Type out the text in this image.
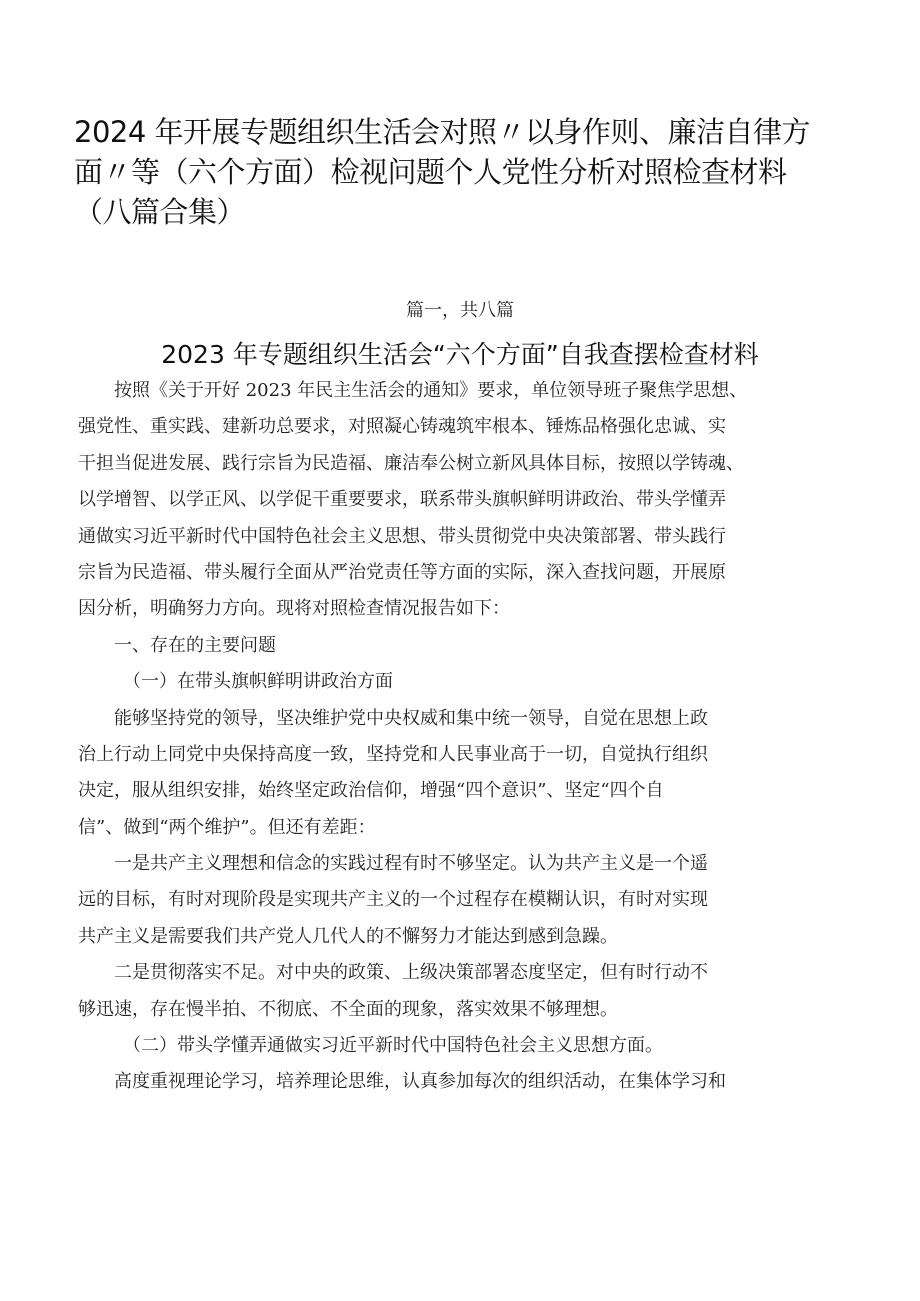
2024 年开展专题组织生活会对照〃以身作则、廉洁自律方
面〃等（六个方面）检视问题个人党性分析对照检查材料
（八篇合集）
篇一，共八篇
2023 年专题组织生活会“六个方面”自我查摆检查材料
　　按照《关于开好 2023 年民主生活会的通知》要求，单位领导班子聚焦学思想、
强党性、重实践、建新功总要求，对照凝心铸魂筑牢根本、锤炼品格强化忠诚、实
干担当促进发展、践行宗旨为民造福、廉洁奉公树立新风具体目标，按照以学铸魂、
以学增智、以学正风、以学促干重要要求，联系带头旗帜鲜明讲政治、带头学懂弄
通做实习近平新时代中国特色社会主义思想、带头贯彻党中央决策部署、带头践行
宗旨为民造福、带头履行全面从严治党责任等方面的实际，深入查找问题，开展原
因分析，明确努力方向。现将对照检查情况报告如下：
　　一、存在的主要问题
　　　（一）在带头旗帜鲜明讲政治方面
　　能够坚持党的领导，坚决维护党中央权威和集中统一领导，自觉在思想上政
治上行动上同党中央保持高度一致，坚持党和人民事业高于一切，自觉执行组织
决定，服从组织安排，始终坚定政治信仰，增强“四个意识”、坚定“四个自
信”、做到“两个维护”。但还有差距：
　　一是共产主义理想和信念的实践过程有时不够坚定。认为共产主义是一个遥
远的目标，有时对现阶段是实现共产主义的一个过程存在模糊认识，有时对实现
共产主义是需要我们共产党人几代人的不懈努力才能达到感到急躁。
　　二是贯彻落实不足。对中央的政策、上级决策部署态度坚定，但有时行动不
够迅速，存在慢半拍、不彻底、不全面的现象，落实效果不够理想。
　　　（二）带头学懂弄通做实习近平新时代中国特色社会主义思想方面。
　　高度重视理论学习，培养理论思维，认真参加每次的组织活动，在集体学习和
